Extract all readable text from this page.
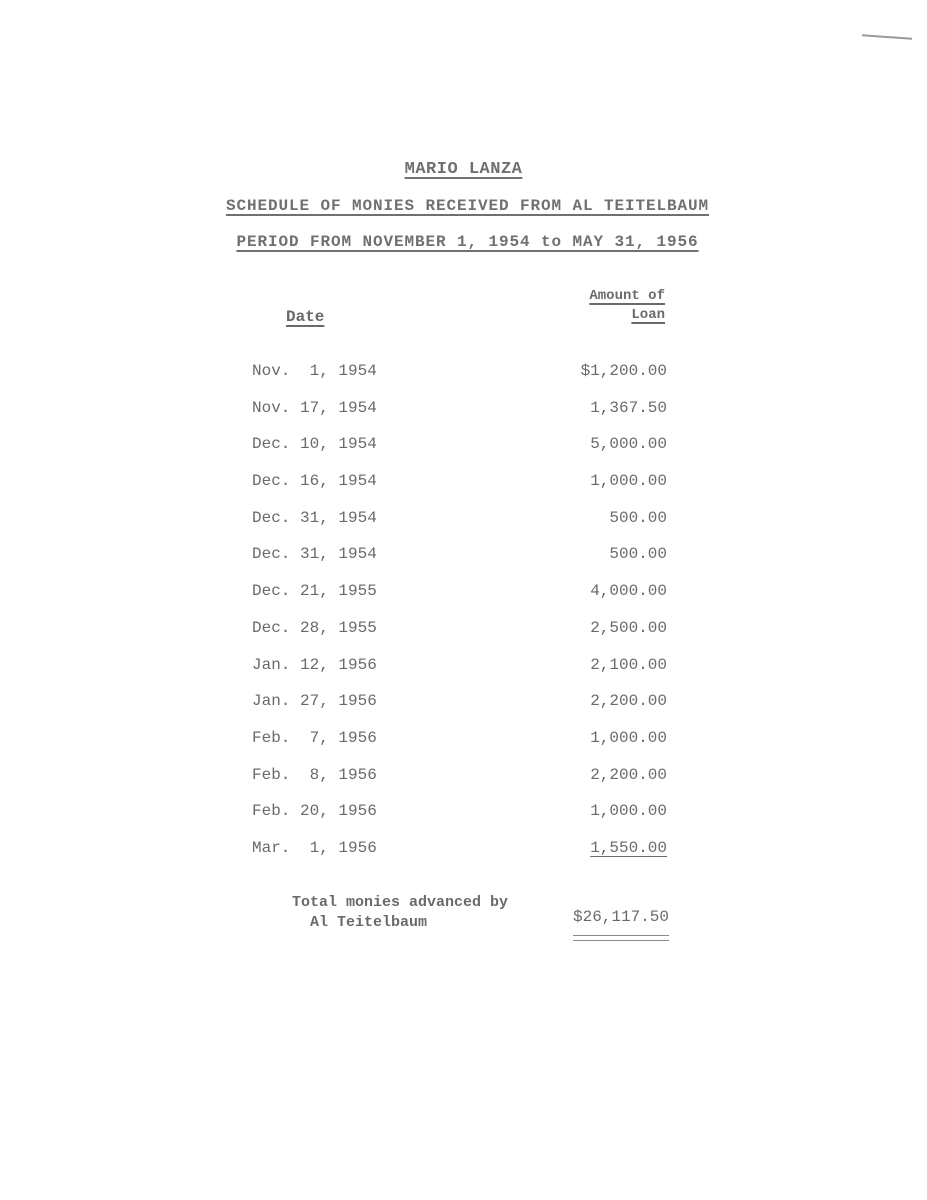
MARIO LANZA
SCHEDULE OF MONIES RECEIVED FROM AL TEITELBAUM
PERIOD FROM NOVEMBER 1, 1954 to MAY 31, 1956
Date
Amount of
Loan
Nov.  1, 1954	$1,200.00
Nov. 17, 1954	1,367.50
Dec. 10, 1954	5,000.00
Dec. 16, 1954	1,000.00
Dec. 31, 1954	500.00
Dec. 31, 1954	500.00
Dec. 21, 1955	4,000.00
Dec. 28, 1955	2,500.00
Jan. 12, 1956	2,100.00
Jan. 27, 1956	2,200.00
Feb.  7, 1956	1,000.00
Feb.  8, 1956	2,200.00
Feb. 20, 1956	1,000.00
Mar.  1, 1956	1,550.00
Total monies advanced by
Al Teitelbaum	$26,117.50
